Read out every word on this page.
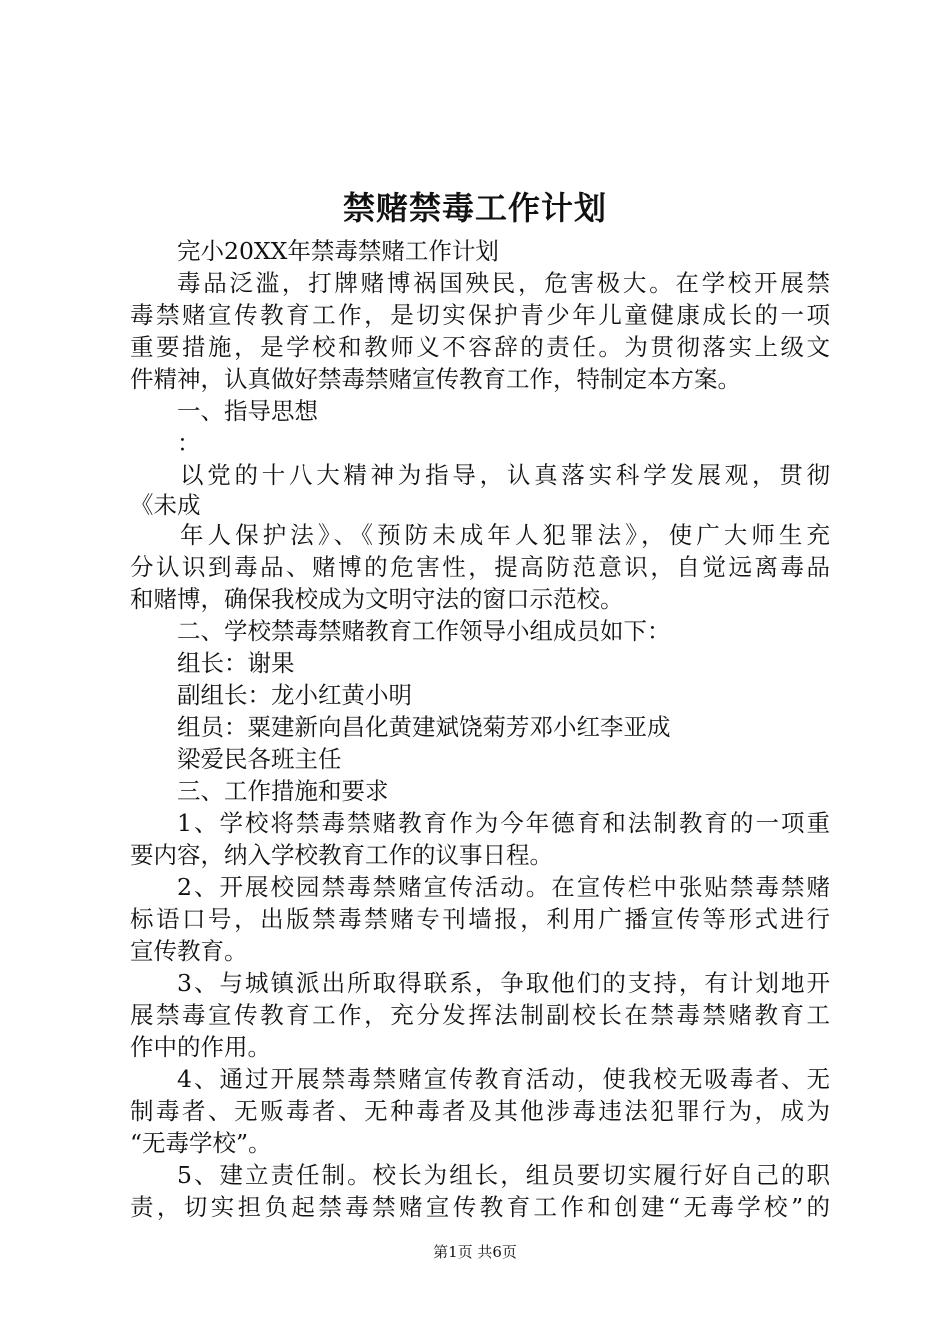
禁赌禁毒工作计划
完小20XX年禁毒禁赌工作计划
毒品泛滥，打牌赌博祸国殃民，危害极大。在学校开展禁
毒禁赌宣传教育工作，是切实保护青少年儿童健康成长的一项
重要措施，是学校和教师义不容辞的责任。为贯彻落实上级文
件精神，认真做好禁毒禁赌宣传教育工作，特制定本方案。
一、指导思想
：
以党的十八大精神为指导，认真落实科学发展观，贯彻
《未成
年人保护法》、《预防未成年人犯罪法》，使广大师生充
分认识到毒品、赌博的危害性，提高防范意识，自觉远离毒品
和赌博，确保我校成为文明守法的窗口示范校。
二、学校禁毒禁赌教育工作领导小组成员如下：
组长：谢果
副组长：龙小红黄小明
组员：粟建新向昌化黄建斌饶菊芳邓小红李亚成
梁爱民各班主任
三、工作措施和要求
1、学校将禁毒禁赌教育作为今年德育和法制教育的一项重
要内容，纳入学校教育工作的议事日程。
2、开展校园禁毒禁赌宣传活动。在宣传栏中张贴禁毒禁赌
标语口号，出版禁毒禁赌专刊墙报，利用广播宣传等形式进行
宣传教育。
3、与城镇派出所取得联系，争取他们的支持，有计划地开
展禁毒宣传教育工作，充分发挥法制副校长在禁毒禁赌教育工
作中的作用。
4、通过开展禁毒禁赌宣传教育活动，使我校无吸毒者、无
制毒者、无贩毒者、无种毒者及其他涉毒违法犯罪行为，成为
“无毒学校”。
5、建立责任制。校长为组长，组员要切实履行好自己的职
责，切实担负起禁毒禁赌宣传教育工作和创建“无毒学校”的
第1页 共6页
